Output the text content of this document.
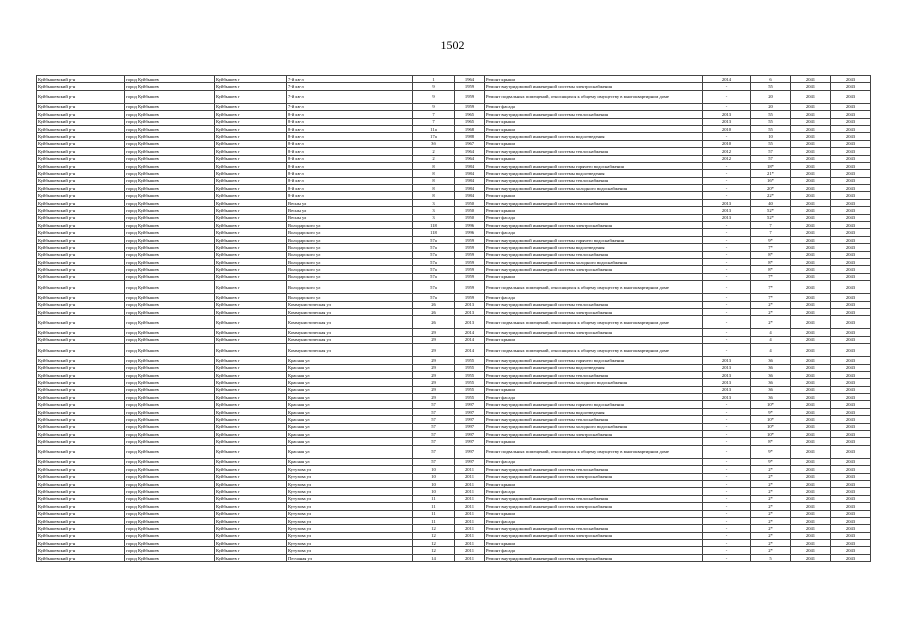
1502
Куйбышевский р-н	город Куйбышев	Куйбышев г	7-й кв-л	1	1964	Ремонт крыши	2014	6	2041	2043
Куйбышевский р-н	город Куйбышев	Куйбышев г	7-й кв-л	9	1959	Ремонт внутридомовой инженерной системы электроснабжения	-	55	2041	2043
Куйбышевский р-н	город Куйбышев	Куйбышев г	7-й кв-л	9	1959	Ремонт подвальных помещений, относящихся к общему имуществу в многоквартирном доме	-	20	2041	2043
Куйбышевский р-н	город Куйбышев	Куйбышев г	7-й кв-л	9	1959	Ремонт фасада	-	20	2041	2043
Куйбышевский р-н	город Куйбышев	Куйбышев г	8-й кв-л	7	1965	Ремонт внутридомовой инженерной системы теплоснабжения	2013	55	2041	2043
Куйбышевский р-н	город Куйбышев	Куйбышев г	8-й кв-л	7	1965	Ремонт крыши	2013	55	2041	2043
Куйбышевский р-н	город Куйбышев	Куйбышев г	8-й кв-л	11а	1968	Ремонт крыши	2010	55	2041	2043
Куйбышевский р-н	город Куйбышев	Куйбышев г	8-й кв-л	17а	1988	Ремонт внутридомовой инженерной системы водоотведения	-	10	2041	2043
Куйбышевский р-н	город Куйбышев	Куйбышев г	8-й кв-л	3б	1967	Ремонт крыши	2010	55	2041	2043
Куйбышевский р-н	город Куйбышев	Куйбышев г	8-й кв-л	2	1964	Ремонт внутридомовой инженерной системы теплоснабжения	2012	57	2041	2043
Куйбышевский р-н	город Куйбышев	Куйбышев г	8-й кв-л	2	1964	Ремонт крыши	2012	57	2041	2043
Куйбышевский р-н	город Куйбышев	Куйбышев г	8-й кв-л	8	1984	Ремонт внутридомовой инженерной системы горячего водоснабжения	-	18*	2041	2043
Куйбышевский р-н	город Куйбышев	Куйбышев г	8-й кв-л	8	1984	Ремонт внутридомовой инженерной системы водоотведения	-	21*	2041	2043
Куйбышевский р-н	город Куйбышев	Куйбышев г	8-й кв-л	8	1984	Ремонт внутридомовой инженерной системы теплоснабжения	-	16*	2041	2043
Куйбышевский р-н	город Куйбышев	Куйбышев г	8-й кв-л	8	1984	Ремонт внутридомовой инженерной системы холодного водоснабжения	-	20*	2041	2043
Куйбышевский р-н	город Куйбышев	Куйбышев г	8-й кв-л	8	1984	Ремонт крыши	-	22*	2041	2043
Куйбышевский р-н	город Куйбышев	Куйбышев г	Весны ул	3	1950	Ремонт внутридомовой инженерной системы теплоснабжения	2013	40	2041	2043
Куйбышевский р-н	город Куйбышев	Куйбышев г	Весны ул	3	1950	Ремонт крыши	2013	52*	2041	2043
Куйбышевский р-н	город Куйбышев	Куйбышев г	Весны ул	3	1950	Ремонт фасада	2013	52*	2041	2043
Куйбышевский р-н	город Куйбышев	Куйбышев г	Володарского ул	118	1996	Ремонт внутридомовой инженерной системы электроснабжения	-	7	2041	2043
Куйбышевский р-н	город Куйбышев	Куйбышев г	Володарского ул	118	1996	Ремонт фасада	-	7	2041	2043
Куйбышевский р-н	город Куйбышев	Куйбышев г	Володарского ул	57а	1959	Ремонт внутридомовой инженерной системы горячего водоснабжения	-	9*	2041	2043
Куйбышевский р-н	город Куйбышев	Куйбышев г	Володарского ул	57а	1959	Ремонт внутридомовой инженерной системы водоотведения	-	7*	2041	2043
Куйбышевский р-н	город Куйбышев	Куйбышев г	Володарского ул	57а	1959	Ремонт внутридомовой инженерной системы теплоснабжения	-	8*	2041	2043
Куйбышевский р-н	город Куйбышев	Куйбышев г	Володарского ул	57а	1959	Ремонт внутридомовой инженерной системы холодного водоснабжения	-	8*	2041	2043
Куйбышевский р-н	город Куйбышев	Куйбышев г	Володарского ул	57а	1959	Ремонт внутридомовой инженерной системы электроснабжения	-	8*	2041	2043
Куйбышевский р-н	город Куйбышев	Куйбышев г	Володарского ул	57а	1959	Ремонт крыши	-	7*	2041	2043
Куйбышевский р-н	город Куйбышев	Куйбышев г	Володарского ул	57а	1959	Ремонт подвальных помещений, относящихся к общему имуществу в многоквартирном доме	-	7*	2041	2043
Куйбышевский р-н	город Куйбышев	Куйбышев г	Володарского ул	57а	1959	Ремонт фасада	-	7*	2041	2043
Куйбышевский р-н	город Куйбышев	Куйбышев г	Коммунистическая ул	26	2013	Ремонт внутридомовой инженерной системы теплоснабжения	-	2*	2041	2043
Куйбышевский р-н	город Куйбышев	Куйбышев г	Коммунистическая ул	26	2013	Ремонт внутридомовой инженерной системы электроснабжения	-	2*	2041	2043
Куйбышевский р-н	город Куйбышев	Куйбышев г	Коммунистическая ул	26	2013	Ремонт подвальных помещений, относящихся к общему имуществу в многоквартирном доме	-	2*	2041	2043
Куйбышевский р-н	город Куйбышев	Куйбышев г	Коммунистическая ул	29	2014	Ремонт внутридомовой инженерной системы электроснабжения	-	4	2041	2043
Куйбышевский р-н	город Куйбышев	Куйбышев г	Коммунистическая ул	29	2014	Ремонт крыши	-	4	2041	2043
Куйбышевский р-н	город Куйбышев	Куйбышев г	Коммунистическая ул	29	2014	Ремонт подвальных помещений, относящихся к общему имуществу в многоквартирном доме	-	4	2041	2043
Куйбышевский р-н	город Куйбышев	Куйбышев г	Красная ул	29	1955	Ремонт внутридомовой инженерной системы горячего водоснабжения	2013	36	2041	2043
Куйбышевский р-н	город Куйбышев	Куйбышев г	Красная ул	29	1955	Ремонт внутридомовой инженерной системы водоотведения	2013	36	2041	2043
Куйбышевский р-н	город Куйбышев	Куйбышев г	Красная ул	29	1955	Ремонт внутридомовой инженерной системы теплоснабжения	2013	36	2041	2043
Куйбышевский р-н	город Куйбышев	Куйбышев г	Красная ул	29	1955	Ремонт внутридомовой инженерной системы холодного водоснабжения	2013	36	2041	2043
Куйбышевский р-н	город Куйбышев	Куйбышев г	Красная ул	29	1955	Ремонт крыши	2013	36	2041	2043
Куйбышевский р-н	город Куйбышев	Куйбышев г	Красная ул	29	1955	Ремонт фасада	2013	36	2041	2043
Куйбышевский р-н	город Куйбышев	Куйбышев г	Красная ул	57	1997	Ремонт внутридомовой инженерной системы горячего водоснабжения	-	10*	2041	2043
Куйбышевский р-н	город Куйбышев	Куйбышев г	Красная ул	57	1997	Ремонт внутридомовой инженерной системы водоотведения	-	9*	2041	2043
Куйбышевский р-н	город Куйбышев	Куйбышев г	Красная ул	57	1997	Ремонт внутридомовой инженерной системы теплоснабжения	-	10*	2041	2043
Куйбышевский р-н	город Куйбышев	Куйбышев г	Красная ул	57	1997	Ремонт внутридомовой инженерной системы холодного водоснабжения	-	10*	2041	2043
Куйбышевский р-н	город Куйбышев	Куйбышев г	Красная ул	57	1997	Ремонт внутридомовой инженерной системы электроснабжения	-	10*	2041	2043
Куйбышевский р-н	город Куйбышев	Куйбышев г	Красная ул	57	1997	Ремонт крыши	-	8*	2041	2043
Куйбышевский р-н	город Куйбышев	Куйбышев г	Красная ул	57	1997	Ремонт подвальных помещений, относящихся к общему имуществу в многоквартирном доме	-	9*	2041	2043
Куйбышевский р-н	город Куйбышев	Куйбышев г	Красная ул	57	1997	Ремонт фасада	-	9*	2041	2043
Куйбышевский р-н	город Куйбышев	Куйбышев г	Кутузова ул	10	2011	Ремонт внутридомовой инженерной системы теплоснабжения	-	2*	2041	2043
Куйбышевский р-н	город Куйбышев	Куйбышев г	Кутузова ул	10	2011	Ремонт внутридомовой инженерной системы электроснабжения	-	2*	2041	2043
Куйбышевский р-н	город Куйбышев	Куйбышев г	Кутузова ул	10	2011	Ремонт крыши	-	2*	2041	2043
Куйбышевский р-н	город Куйбышев	Куйбышев г	Кутузова ул	10	2011	Ремонт фасада	-	2*	2041	2043
Куйбышевский р-н	город Куйбышев	Куйбышев г	Кутузова ул	11	2011	Ремонт внутридомовой инженерной системы теплоснабжения	-	2*	2041	2043
Куйбышевский р-н	город Куйбышев	Куйбышев г	Кутузова ул	11	2011	Ремонт внутридомовой инженерной системы электроснабжения	-	2*	2041	2043
Куйбышевский р-н	город Куйбышев	Куйбышев г	Кутузова ул	11	2011	Ремонт крыши	-	2*	2041	2043
Куйбышевский р-н	город Куйбышев	Куйбышев г	Кутузова ул	11	2011	Ремонт фасада	-	2*	2041	2043
Куйбышевский р-н	город Куйбышев	Куйбышев г	Кутузова ул	12	2011	Ремонт внутридомовой инженерной системы теплоснабжения	-	2*	2041	2043
Куйбышевский р-н	город Куйбышев	Куйбышев г	Кутузова ул	12	2011	Ремонт внутридомовой инженерной системы электроснабжения	-	2*	2041	2043
Куйбышевский р-н	город Куйбышев	Куйбышев г	Кутузова ул	12	2011	Ремонт крыши	-	2*	2041	2043
Куйбышевский р-н	город Куйбышев	Куйбышев г	Кутузова ул	12	2011	Ремонт фасада	-	2*	2041	2043
Куйбышевский р-н	город Куйбышев	Куйбышев г	Песчаная ул	14	2011	Ремонт внутридомовой инженерной системы электроснабжения	-	5	2041	2043
